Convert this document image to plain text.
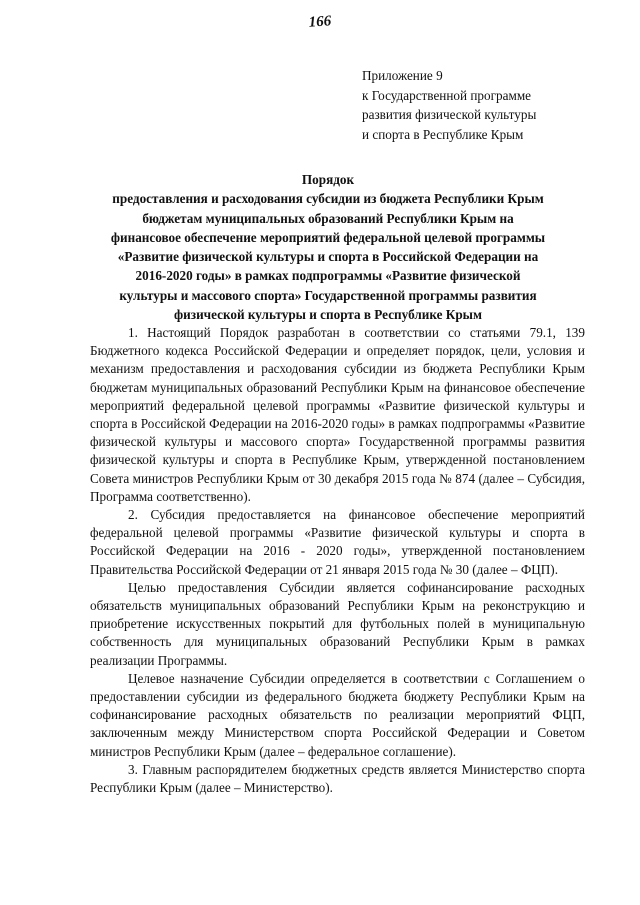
166
Приложение 9
к Государственной программе
развития физической культуры
и спорта в Республике Крым
Порядок
предоставления и расходования субсидии из бюджета Республики Крым
бюджетам муниципальных образований Республики Крым на
финансовое обеспечение мероприятий федеральной целевой программы
«Развитие физической культуры и спорта в Российской Федерации на
2016-2020 годы» в рамках подпрограммы «Развитие физической
культуры и массового спорта» Государственной программы развития
физической культуры и спорта в Республике Крым

1. Настоящий Порядок разработан в соответствии со статьями 79.1, 139 Бюджетного кодекса Российской Федерации и определяет порядок, цели, условия и механизм предоставления и расходования субсидии из бюджета Республики Крым бюджетам муниципальных образований Республики Крым на финансовое обеспечение мероприятий федеральной целевой программы «Развитие физической культуры и спорта в Российской Федерации на 2016-2020 годы» в рамках подпрограммы «Развитие физической культуры и массового спорта» Государственной программы развития физической культуры и спорта в Республике Крым, утвержденной постановлением Совета министров Республики Крым от 30 декабря 2015 года № 874 (далее – Субсидия, Программа соответственно).

2. Субсидия предоставляется на финансовое обеспечение мероприятий федеральной целевой программы «Развитие физической культуры и спорта в Российской Федерации на 2016 - 2020 годы», утвержденной постановлением Правительства Российской Федерации от 21 января 2015 года № 30 (далее – ФЦП).

Целью предоставления Субсидии является софинансирование расходных обязательств муниципальных образований Республики Крым на реконструкцию и приобретение искусственных покрытий для футбольных полей в муниципальную собственность для муниципальных образований Республики Крым в рамках реализации Программы.

Целевое назначение Субсидии определяется в соответствии с Соглашением о предоставлении субсидии из федерального бюджета бюджету Республики Крым на софинансирование расходных обязательств по реализации мероприятий ФЦП, заключенным между Министерством спорта Российской Федерации и Советом министров Республики Крым (далее – федеральное соглашение).

3. Главным распорядителем бюджетных средств является Министерство спорта Республики Крым (далее – Министерство).
